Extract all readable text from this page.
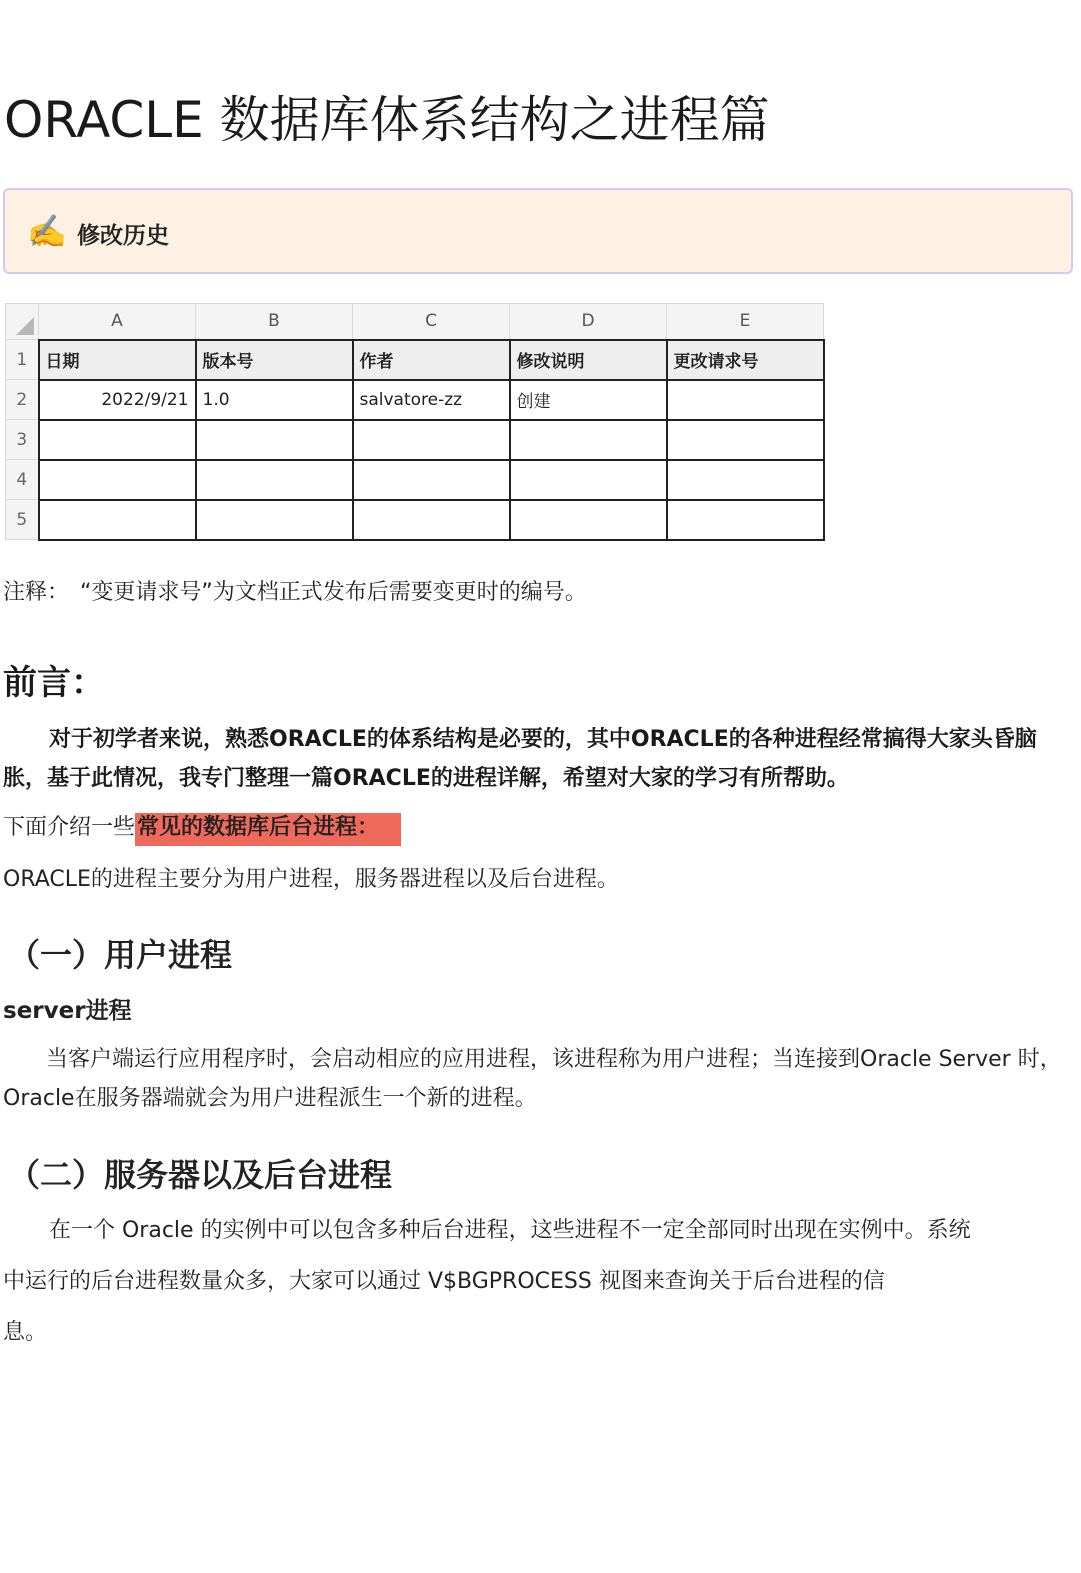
ORACLE 数据库体系结构之进程篇
✍️ 修改历史
	A	B	C	D	E
1	日期	版本号	作者	修改说明	更改请求号
2	2022/9/21	1.0	salvatore-zz	创建	
3					
4					
5					
注释：　“变更请求号”为文档正式发布后需要变更时的编号。
前言：
对于初学者来说，熟悉ORACLE的体系结构是必要的，其中ORACLE的各种进程经常搞得大家头昏脑胀，基于此情况，我专门整理一篇ORACLE的进程详解，希望对大家的学习有所帮助。
下面介绍一些常见的数据库后台进程：
ORACLE的进程主要分为用户进程，服务器进程以及后台进程。
（一）用户进程
server进程
当客户端运行应用程序时，会启动相应的应用进程，该进程称为用户进程；当连接到Oracle Server 时，Oracle在服务器端就会为用户进程派生一个新的进程。
（二）服务器以及后台进程
在一个 Oracle 的实例中可以包含多种后台进程，这些进程不一定全部同时出现在实例中。系统
中运行的后台进程数量众多，大家可以通过 V$BGPROCESS 视图来查询关于后台进程的信
息。
